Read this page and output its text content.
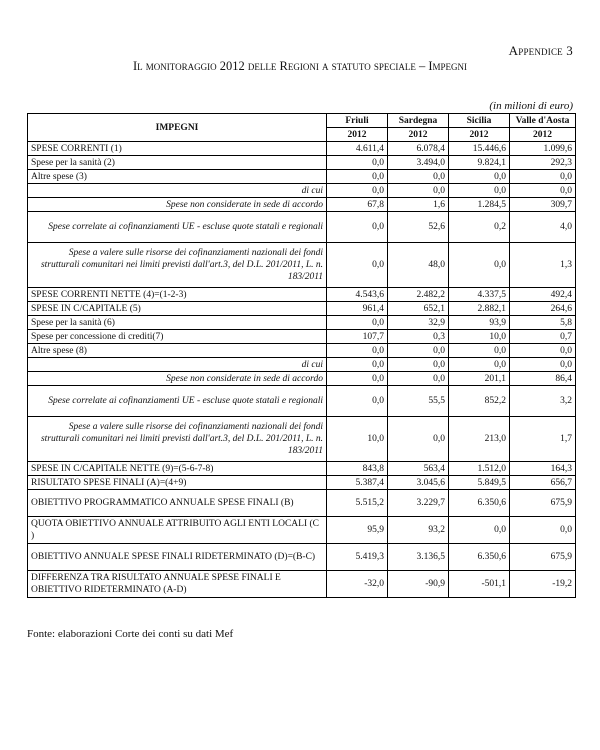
Appendice 3
Il monitoraggio 2012 delle Regioni a statuto speciale – Impegni
(in milioni di euro)
IMPEGNI	Friuli	Sardegna	Sicilia	Valle d'Aosta
	2012	2012	2012	2012
SPESE CORRENTI (1)	4.611,4	6.078,4	15.446,6	1.099,6
Spese per la sanità (2)	0,0	3.494,0	9.824,1	292,3
Altre spese (3)	0,0	0,0	0,0	0,0
di cui	0,0	0,0	0,0	0,0
Spese non considerate in sede di accordo	67,8	1,6	1.284,5	309,7
Spese correlate ai cofinanziamenti UE - escluse quote statali e regionali	0,0	52,6	0,2	4,0
Spese a valere sulle risorse dei cofinanziamenti nazionali dei fondi strutturali comunitari nei limiti previsti dall'art.3, del D.L. 201/2011, L. n. 183/2011	0,0	48,0	0,0	1,3
SPESE CORRENTI NETTE (4)=(1-2-3)	4.543,6	2.482,2	4.337,5	492,4
SPESE IN C/CAPITALE (5)	961,4	652,1	2.882,1	264,6
Spese per la sanità (6)	0,0	32,9	93,9	5,8
Spese per concessione di crediti(7)	107,7	0,3	10,0	0,7
Altre spese (8)	0,0	0,0	0,0	0,0
di cui	0,0	0,0	0,0	0,0
Spese non considerate in sede di accordo	0,0	0,0	201,1	86,4
Spese correlate ai cofinanziamenti UE - escluse quote statali e regionali	0,0	55,5	852,2	3,2
Spese a valere sulle risorse dei cofinanziamenti nazionali dei fondi strutturali comunitari nei limiti previsti dall'art.3, del D.L. 201/2011, L. n. 183/2011	10,0	0,0	213,0	1,7
SPESE IN C/CAPITALE NETTE (9)=(5-6-7-8)	843,8	563,4	1.512,0	164,3
RISULTATO SPESE FINALI (A)=(4+9)	5.387,4	3.045,6	5.849,5	656,7
OBIETTIVO PROGRAMMATICO ANNUALE SPESE FINALI (B)	5.515,2	3.229,7	6.350,6	675,9
QUOTA OBIETTIVO ANNUALE ATTRIBUITO AGLI ENTI LOCALI (C )	95,9	93,2	0,0	0,0
OBIETTIVO ANNUALE SPESE FINALI RIDETERMINATO (D)=(B-C)	5.419,3	3.136,5	6.350,6	675,9
DIFFERENZA TRA RISULTATO ANNUALE SPESE FINALI E OBIETTIVO RIDETERMINATO (A-D)	-32,0	-90,9	-501,1	-19,2
Fonte: elaborazioni Corte dei conti su dati Mef
